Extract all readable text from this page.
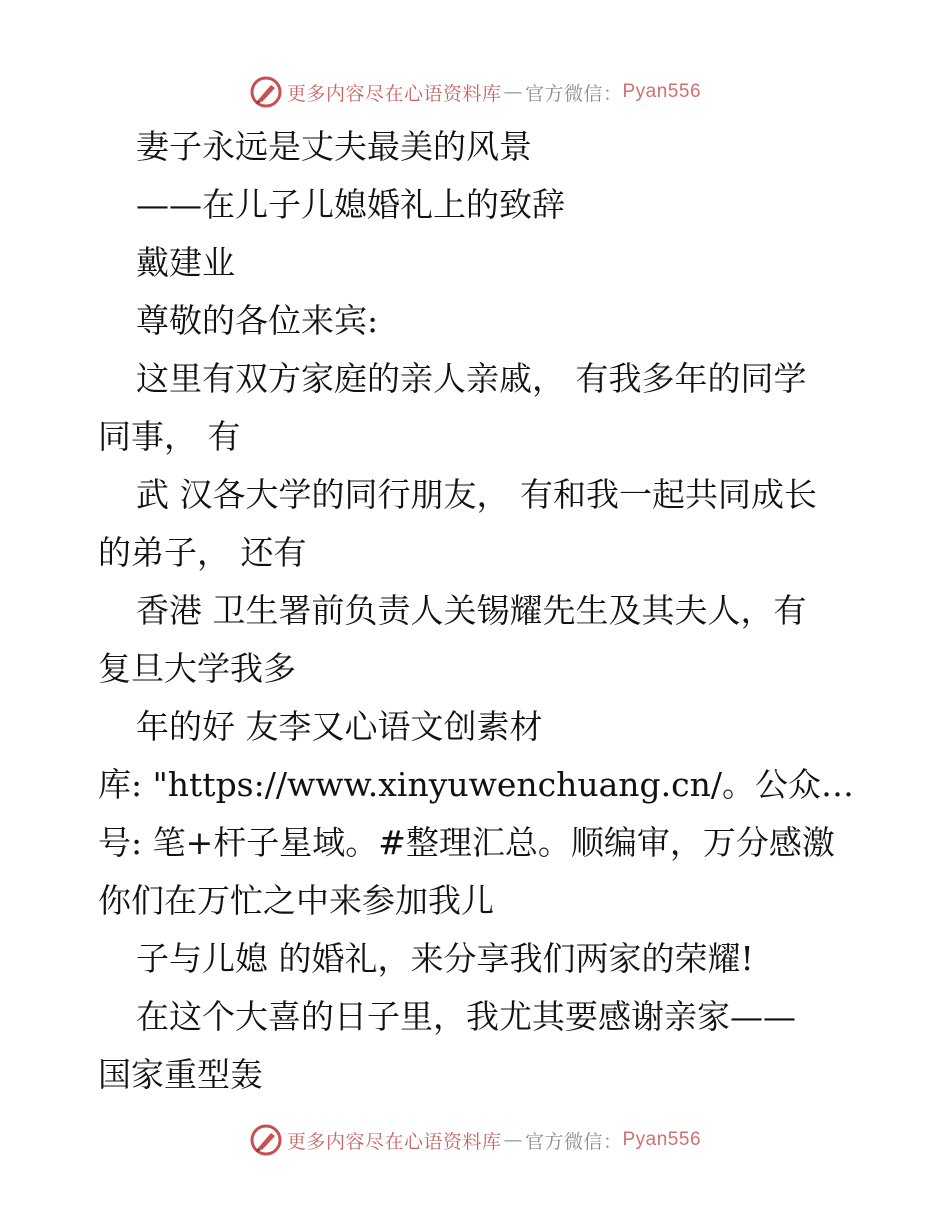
更多内容尽在心语资料库 — 官方微信： Pyan556
妻子永远是丈夫最美的风景
——在儿子儿媳婚礼上的致辞
戴建业
尊敬的各位来宾:
这里有双方家庭的亲人亲戚， 有我多年的同学
同事， 有
武 汉各大学的同行朋友， 有和我一起共同成长
的弟子， 还有
香港 卫生署前负责人关锡耀先生及其夫人，有
复旦大学我多
年的好 友李又心语文创素材
库: "https://www.xinyuwenchuang.cn/。公众…
号: 笔+杆子星域。#整理汇总。顺编审，万分感激
你们在万忙之中来参加我儿
子与儿媳 的婚礼，来分享我们两家的荣耀!
在这个大喜的日子里，我尤其要感谢亲家——
国家重型轰
更多内容尽在心语资料库 — 官方微信： Pyan556
